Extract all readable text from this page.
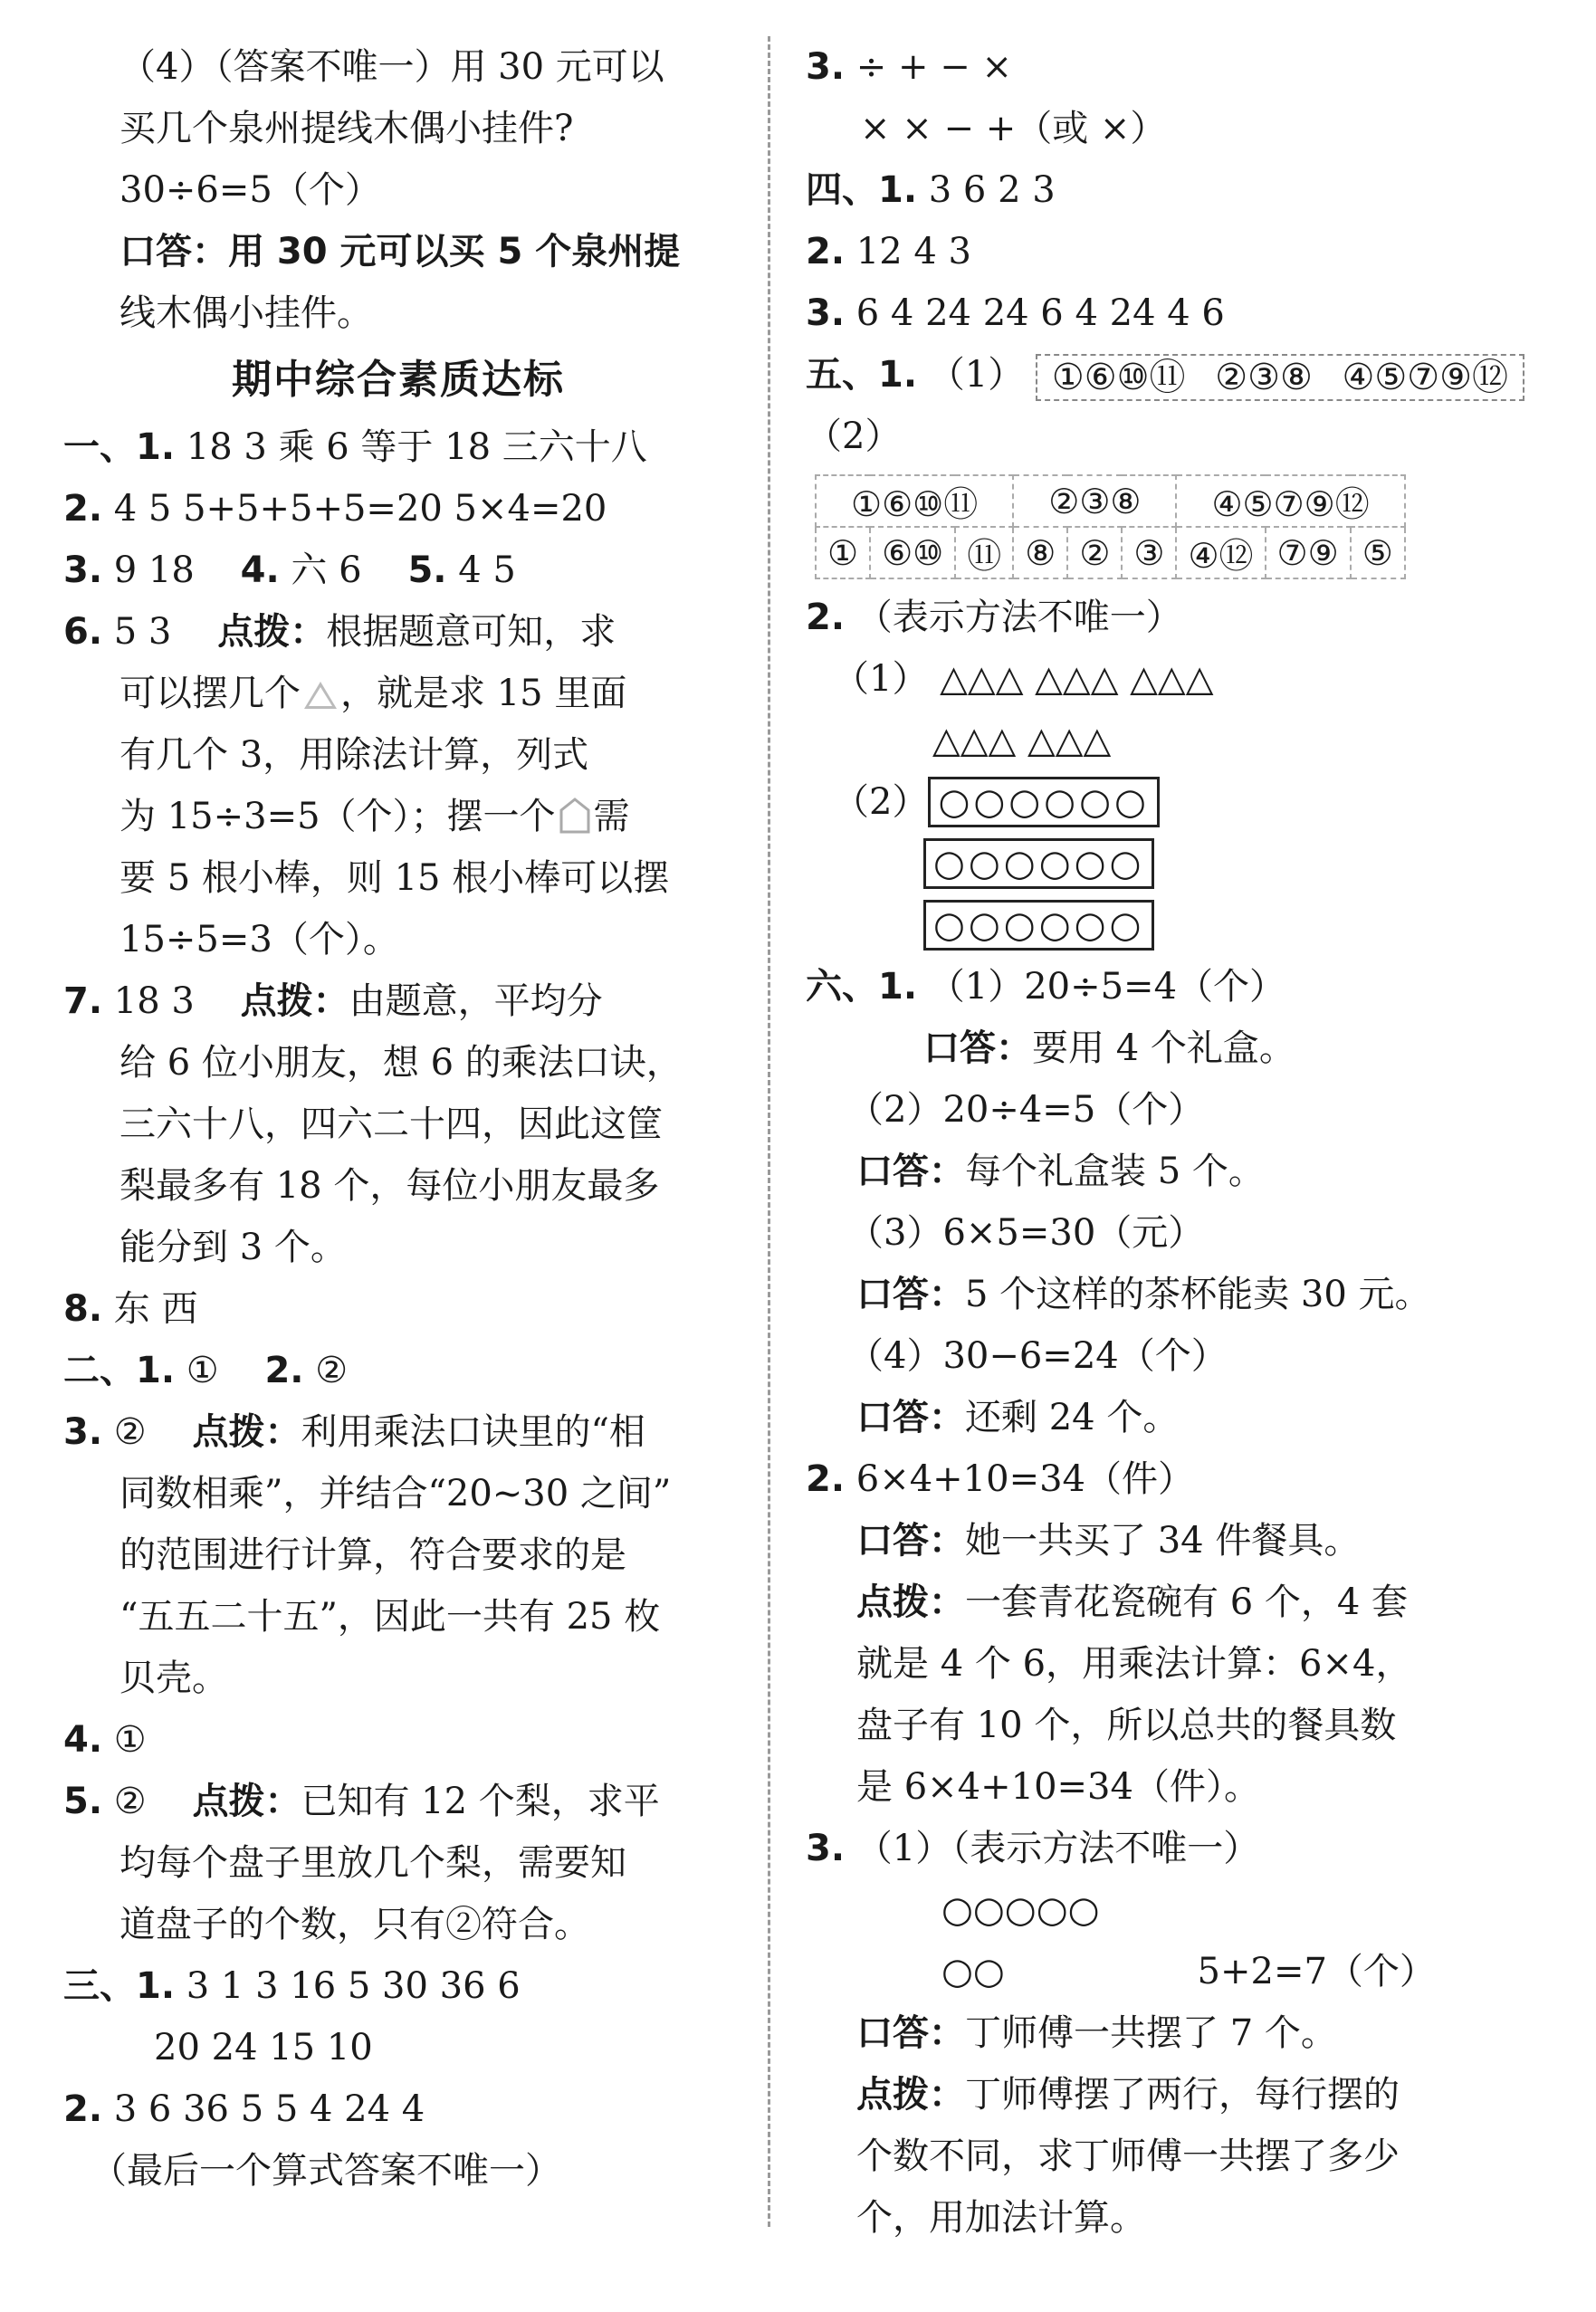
（4）（答案不唯一）用 30 元可以
买几个泉州提线木偶小挂件?
30÷6=5（个）
口答：用 30 元可以买 5 个泉州提
线木偶小挂件。
期中综合素质达标
一、1. 18 3 乘 6 等于 18 三六十八
2. 4 5 5+5+5+5=20 5×4=20
3. 9 18 4. 六 6 5. 4 5
6. 5 3 点拨：根据题意可知，求
可以摆几个 ，就是求 15 里面
有几个 3，用除法计算，列式
为 15÷3=5（个）；摆一个 需
要 5 根小棒，则 15 根小棒可以摆
15÷5=3（个）。
7. 18 3 点拨：由题意，平均分
给 6 位小朋友，想 6 的乘法口诀，
三六十八，四六二十四，因此这筐
梨最多有 18 个，每位小朋友最多
能分到 3 个。
8. 东 西
二、1. ① 2. ②
3. ② 点拨：利用乘法口诀里的“相
同数相乘”，并结合“20~30 之间”
的范围进行计算，符合要求的是
“五五二十五”，因此一共有 25 枚
贝壳。
4. ①
5. ② 点拨：已知有 12 个梨，求平
均每个盘子里放几个梨，需要知
道盘子的个数，只有②符合。
三、1. 3 1 3 16 5 30 36 6
20 24 15 10
2. 3 6 36 5 5 4 24 4
（最后一个算式答案不唯一）
3. ÷ + − ×
× × − +（或 ×）
四、1. 3 6 2 3
2. 12 4 3
3. 6 4 24 24 6 4 24 4 6
五、1. （1） ①⑥⑩⑪ ②③⑧ ④⑤⑦⑨⑫
（2）
①⑥⑩⑪			②③⑧			④⑤⑦⑨⑫		
①	⑥⑩	⑪	⑧	②	③	④⑫	⑦⑨	⑤
2. （表示方法不唯一）
（1） △△△ △△△ △△△
△△△ △△△
（2） ○○○○○○
○○○○○○
○○○○○○
六、1. （1）20÷5=4（个）
口答：要用 4 个礼盒。
（2）20÷4=5（个）
口答：每个礼盒装 5 个。
（3）6×5=30（元）
口答：5 个这样的茶杯能卖 30 元。
（4）30−6=24（个）
口答：还剩 24 个。
2. 6×4+10=34（件）
口答：她一共买了 34 件餐具。
点拨：一套青花瓷碗有 6 个，4 套
就是 4 个 6，用乘法计算：6×4，
盘子有 10 个，所以总共的餐具数
是 6×4+10=34（件）。
3. （1）（表示方法不唯一）
○○○○○
○○	5+2=7（个）
口答：丁师傅一共摆了 7 个。
点拨：丁师傅摆了两行，每行摆的
个数不同，求丁师傅一共摆了多少
个，用加法计算。
